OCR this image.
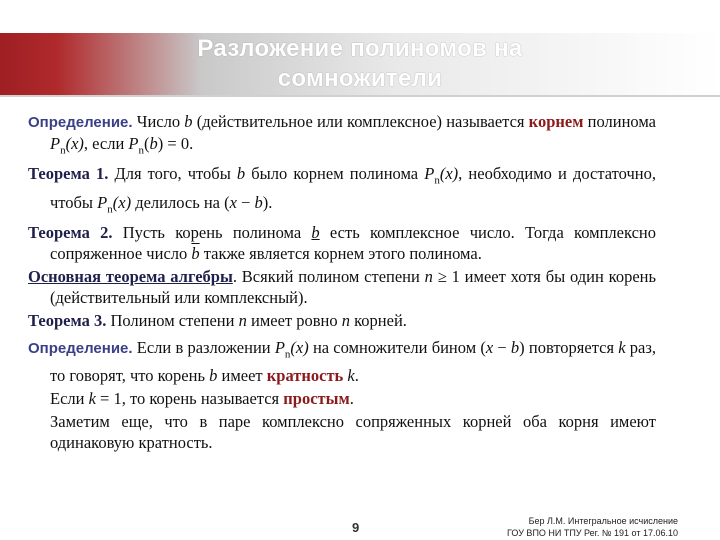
Разложение полиномов на
сомножители

Определение. Число b (действительное или комплексное) называется корнем полинома $P_n(x)$, если $P_n(b) = 0$.

Теорема 1. Для того, чтобы b было корнем полинома $P_n(x)$, необходимо и достаточно, чтобы $P_n(x)$ делилось на (x − b).

Теорема 2. Пусть корень полинома b есть комплексное число. Тогда комплексно сопряженное число $\overline{b}$ также является корнем этого полинома.

Основная теорема алгебры. Всякий полином степени n ≥ 1 имеет хотя бы один корень (действительный или комплексный).

Теорема 3. Полином степени n имеет ровно n корней.

Определение. Если в разложении $P_n(x)$ на сомножители бином (x − b) повторяется k раз, то говорят, что корень b имеет кратность k.

Если k = 1, то корень называется простым.

Заметим еще, что в паре комплексно сопряженных корней оба корня имеют одинаковую кратность.

9	Бер Л.М. Интегральное исчисление
ГОУ ВПО НИ ТПУ Рег. № 191 от 17.06.10
